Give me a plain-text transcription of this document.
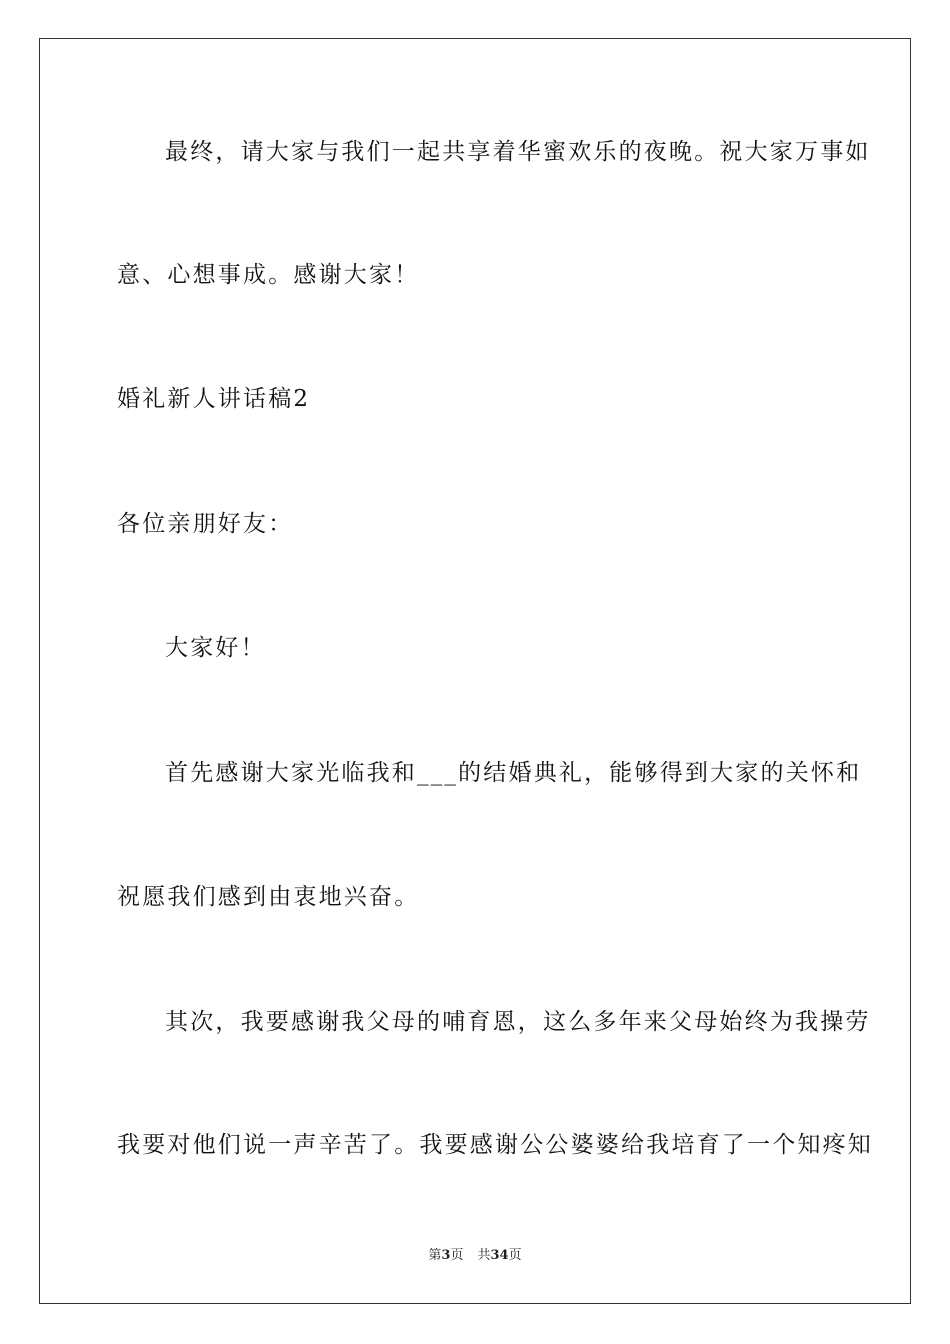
最终，请大家与我们一起共享着华蜜欢乐的夜晚。祝大家万事如
意、心想事成。感谢大家！
婚礼新人讲话稿2
各位亲朋好友：
大家好！
首先感谢大家光临我和___的结婚典礼，能够得到大家的关怀和
祝愿我们感到由衷地兴奋。
其次，我要感谢我父母的哺育恩，这么多年来父母始终为我操劳
我要对他们说一声辛苦了。我要感谢公公婆婆给我培育了一个知疼知
第3页 共34页
